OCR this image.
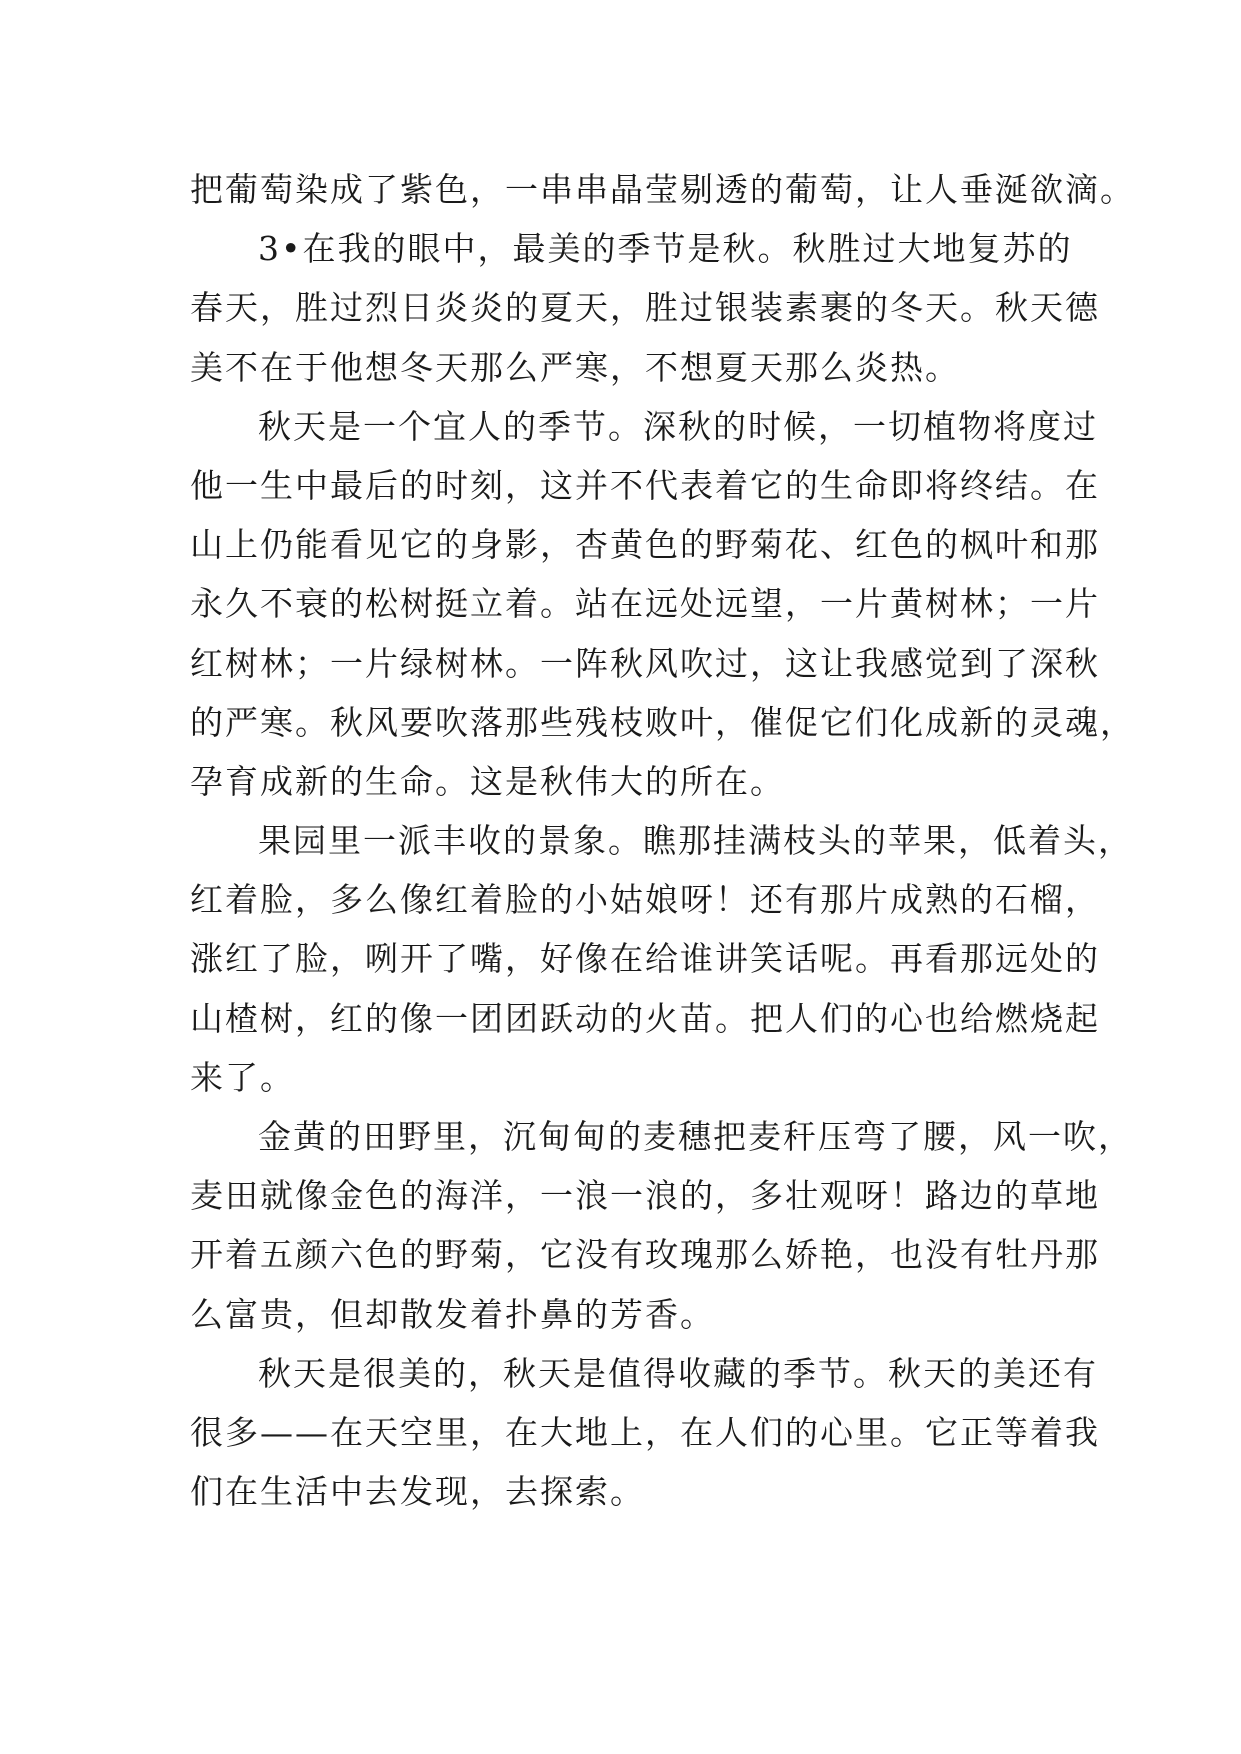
把葡萄染成了紫色，一串串晶莹剔透的葡萄，让人垂涎欲滴。
3•在我的眼中，最美的季节是秋。秋胜过大地复苏的
春天，胜过烈日炎炎的夏天，胜过银装素裹的冬天。秋天德
美不在于他想冬天那么严寒，不想夏天那么炎热。
秋天是一个宜人的季节。深秋的时候，一切植物将度过
他一生中最后的时刻，这并不代表着它的生命即将终结。在
山上仍能看见它的身影，杏黄色的野菊花、红色的枫叶和那
永久不衰的松树挺立着。站在远处远望，一片黄树林；一片
红树林；一片绿树林。一阵秋风吹过，这让我感觉到了深秋
的严寒。秋风要吹落那些残枝败叶，催促它们化成新的灵魂，
孕育成新的生命。这是秋伟大的所在。
果园里一派丰收的景象。瞧那挂满枝头的苹果，低着头，
红着脸，多么像红着脸的小姑娘呀！还有那片成熟的石榴，
涨红了脸，咧开了嘴，好像在给谁讲笑话呢。再看那远处的
山楂树，红的像一团团跃动的火苗。把人们的心也给燃烧起
来了。
金黄的田野里，沉甸甸的麦穗把麦秆压弯了腰，风一吹，
麦田就像金色的海洋，一浪一浪的，多壮观呀！路边的草地
开着五颜六色的野菊，它没有玫瑰那么娇艳，也没有牡丹那
么富贵，但却散发着扑鼻的芳香。
秋天是很美的，秋天是值得收藏的季节。秋天的美还有
很多——在天空里，在大地上，在人们的心里。它正等着我
们在生活中去发现，去探索。
